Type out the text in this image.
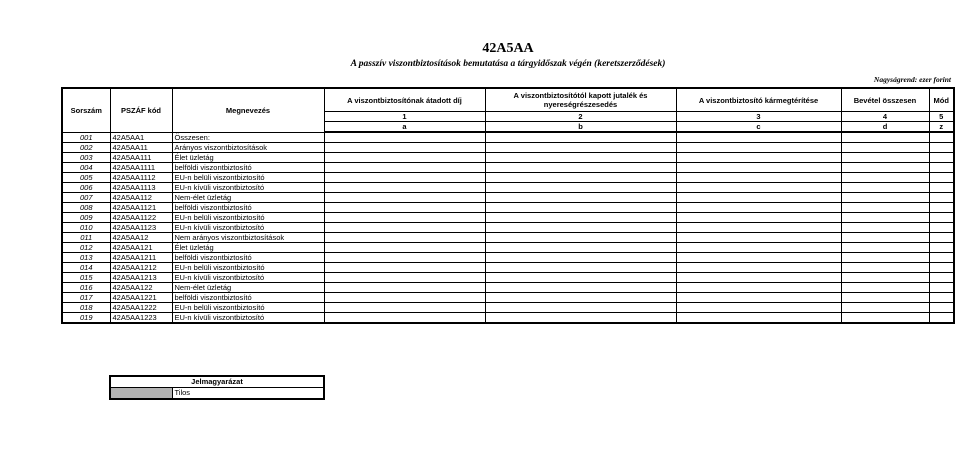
42A5AA
A passzív viszontbiztosítások bemutatása a tárgyidőszak végén (keretszerződések)
Nagyságrend: ezer forint
Sorszám	PSZÁF kód	Megnevezés	A viszontbiztosítónak átadott díj	A viszontbiztosítótól kapott jutalék és nyereségrészesedés	A viszontbiztosító kármegtérítése	Bevétel összesen	Mód
			1	2	3	4	5
			a	b	c	d	z
001	42A5AA1	Összesen:					
002	42A5AA11	Arányos viszontbiztosítások					
003	42A5AA111	Élet üzletág					
004	42A5AA1111	belföldi viszontbiztosító					
005	42A5AA1112	EU-n belüli viszontbiztosító					
006	42A5AA1113	EU-n kívüli viszontbiztosító					
007	42A5AA112	Nem-élet üzletág					
008	42A5AA1121	belföldi viszontbiztosító					
009	42A5AA1122	EU-n belüli viszontbiztosító					
010	42A5AA1123	EU-n kívüli viszontbiztosító					
011	42A5AA12	Nem arányos viszontbiztosítások					
012	42A5AA121	Élet üzletág					
013	42A5AA1211	belföldi viszontbiztosító					
014	42A5AA1212	EU-n belüli viszontbiztosító					
015	42A5AA1213	EU-n kívüli viszontbiztosító					
016	42A5AA122	Nem-élet üzletág					
017	42A5AA1221	belföldi viszontbiztosító					
018	42A5AA1222	EU-n belüli viszontbiztosító					
019	42A5AA1223	EU-n kívüli viszontbiztosító					
Jelmagyarázat
	Tilos
